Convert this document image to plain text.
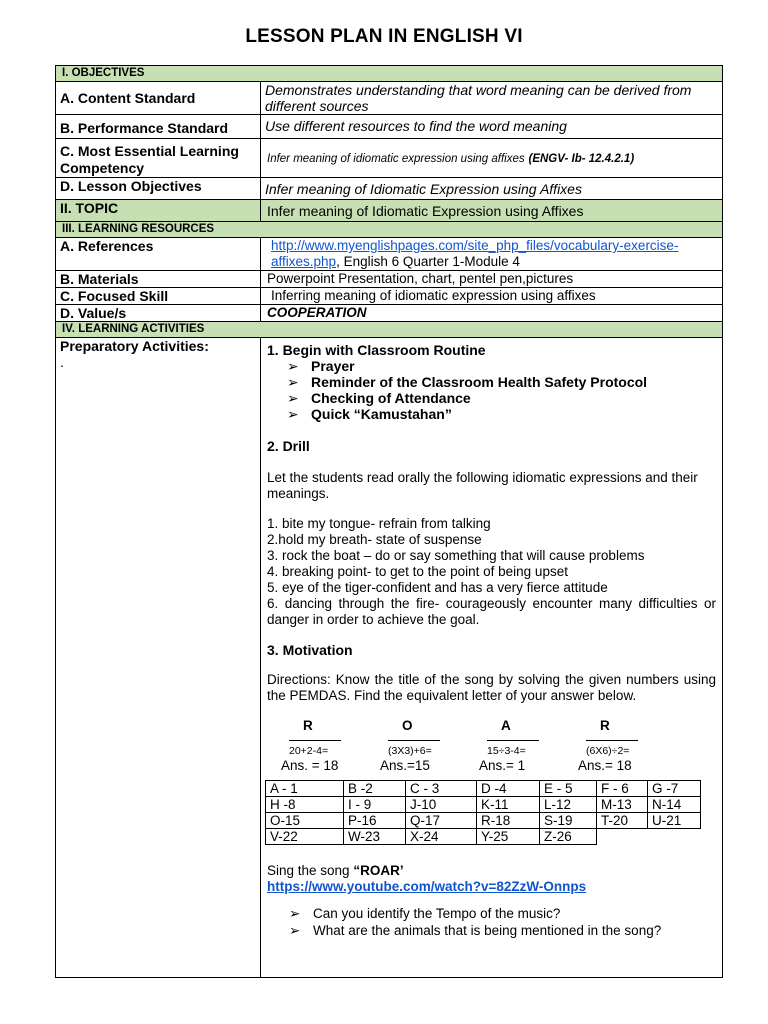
LESSON PLAN IN ENGLISH VI
I. OBJECTIVES
A. Content Standard	Demonstrates understanding that word meaning can be derived from different sources
B. Performance Standard	Use different resources to find the word meaning
C. Most Essential Learning Competency	Infer meaning of idiomatic expression using affixes (ENGV- Ib- 12.4.2.1)
D. Lesson Objectives	Infer meaning of Idiomatic Expression using Affixes
II. TOPIC	Infer meaning of Idiomatic Expression using Affixes
III. LEARNING RESOURCES
A. References	http://www.myenglishpages.com/site_php_files/vocabulary-exercise- affixes.php, English 6 Quarter 1-Module 4
B. Materials	Powerpoint Presentation, chart, pentel pen,pictures
C. Focused Skill	Inferring meaning of idiomatic expression using affixes
D. Value/s	COOPERATION
IV. LEARNING ACTIVITIES

Preparatory Activities:
.

1. Begin with Classroom Routine
➢ Prayer
➢ Reminder of the Classroom Health Safety Protocol
➢ Checking of Attendance
➢ Quick “Kamustahan”
2. Drill
Let the students read orally the following idiomatic expressions and their meanings.
1. bite my tongue- refrain from talking
2.hold my breath- state of suspense
3. rock the boat – do or say something that will cause problems
4. breaking point- to get to the point of being upset
5. eye of the tiger-confident and has a very fierce attitude
6. dancing through the fire- courageously encounter many difficulties or danger in order to achieve the goal.
3. Motivation
Directions: Know the title of the song by solving the given numbers using the PEMDAS. Find the equivalent letter of your answer below.
R
20+2-4=
Ans. = 18
O
(3X3)+6=
Ans.=15
A
15÷3-4=
Ans.= 1
R
(6X6)÷2=
Ans.= 18
A - 1	B -2	C - 3	D -4	E - 5	F - 6	G -7
H -8	I - 9	J-10	K-11	L-12	M-13	N-14
O-15	P-16	Q-17	R-18	S-19	T-20	U-21
V-22	W-23	X-24	Y-25	Z-26		
Sing the song “ROAR’
https://www.youtube.com/watch?v=82ZzW-Onnps
➢ Can you identify the Tempo of the music?
➢ What are the animals that is being mentioned in the song?
